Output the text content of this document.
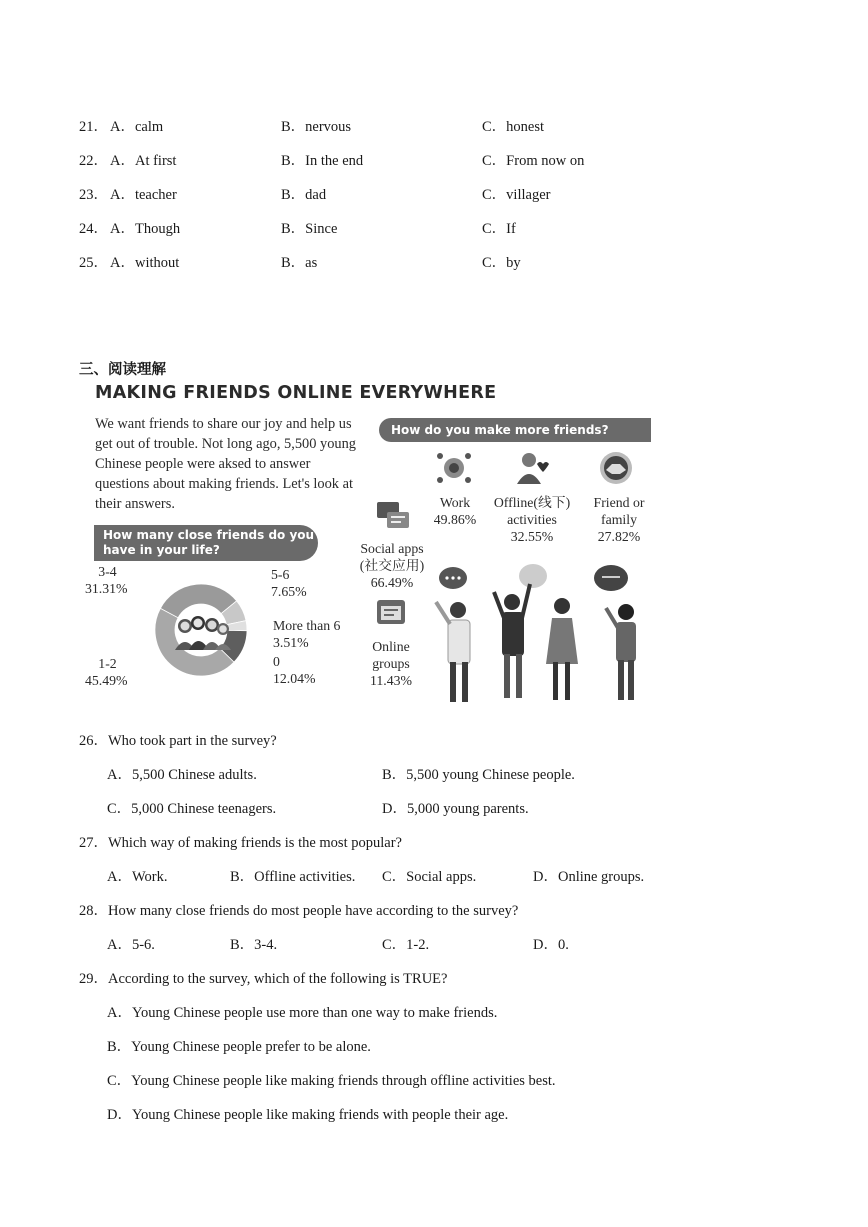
21． A．calm	B．nervous	C．honest
22． A．At first	B．In the end	C．From now on
23． A．teacher	B．dad	C．villager
24． A．Though	B．Since	C．If
25． A．without	B．as	C．by
三、阅读理解
MAKING FRIENDS ONLINE EVERYWHERE
We want friends to share our joy and help us get out of trouble. Not long ago, 5,500 young Chinese people were aksed to answer questions about making friends. Let's look at their answers.
How many close friends do you have in your life?
How do you make more friends?
3-4
31.31%
5-6
7.65%
More than 6
3.51%
0
12.04%
1-2
45.49%
Work
49.86%
Offline(线下)
activities
32.55%
Friend or
family
27.82%
Social apps
(社交应用)
66.49%
Online
groups
11.43%
26．Who took part in the survey?
A．5,500 Chinese adults.	B．5,500 young Chinese people.
C．5,000 Chinese teenagers.	D．5,000 young parents.
27．Which way of making friends is the most popular?
A．Work.	B．Offline activities. C．Social apps.	D．Online groups.
28．How many close friends do most people have according to the survey?
A．5-6.	B．3-4.	C．1-2.	D．0.
29．According to the survey, which of the following is TRUE?
A．Young Chinese people use more than one way to make friends.
B．Young Chinese people prefer to be alone.
C．Young Chinese people like making friends through offline activities best.
D．Young Chinese people like making friends with people their age.
